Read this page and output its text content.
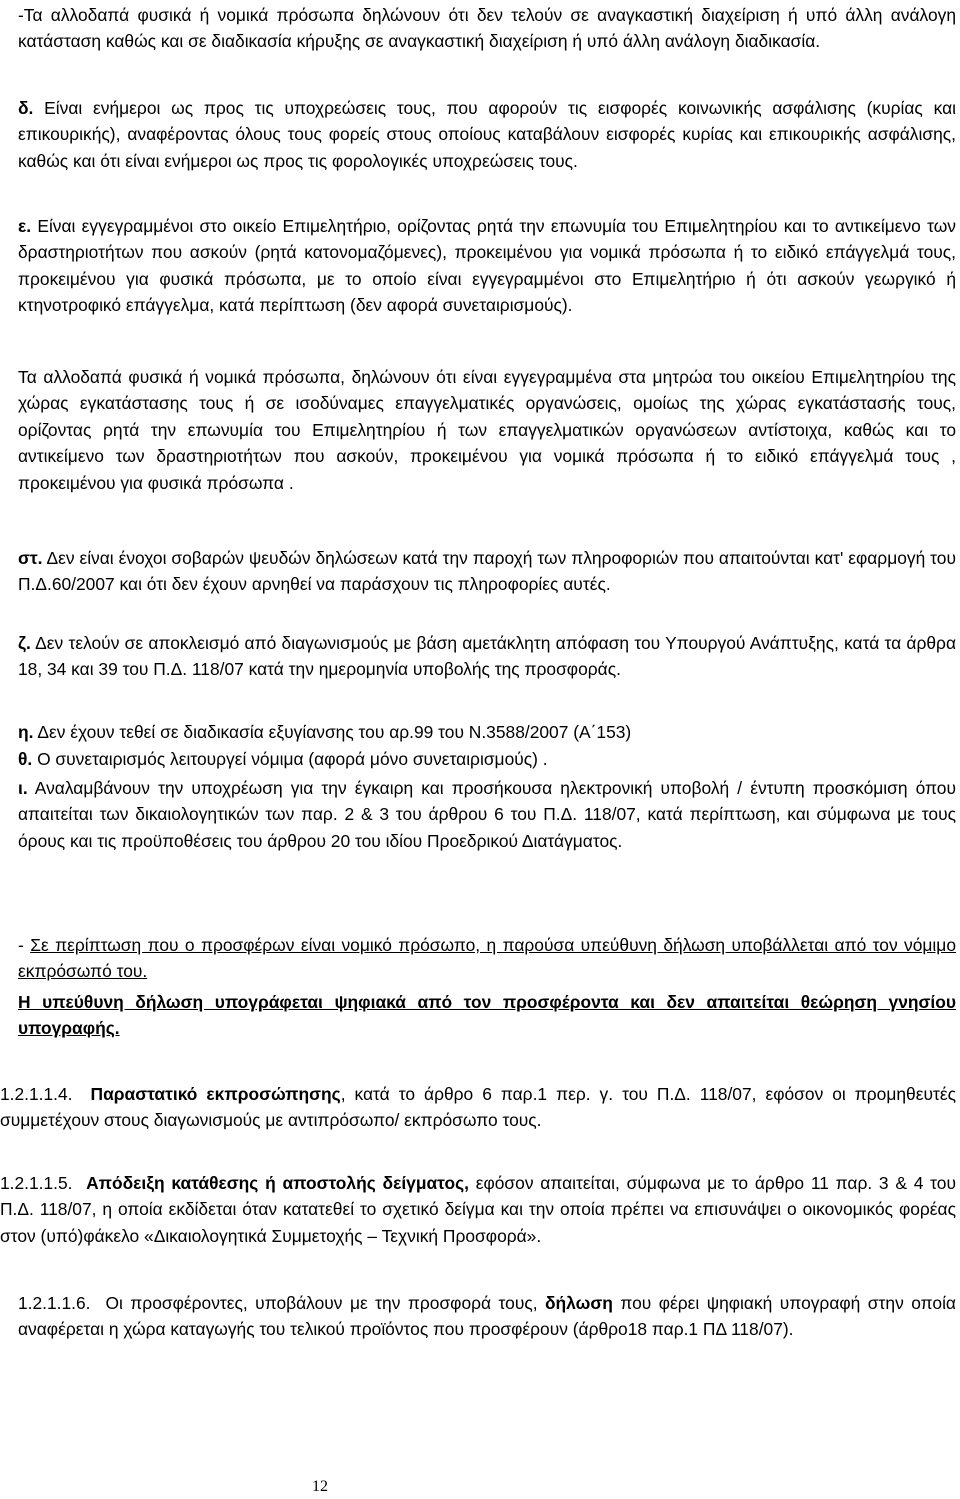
-Τα αλλοδαπά φυσικά ή νομικά πρόσωπα δηλώνουν ότι δεν τελούν σε αναγκαστική διαχείριση ή υπό άλλη ανάλογη κατάσταση καθώς και σε διαδικασία κήρυξης σε αναγκαστική διαχείριση ή υπό άλλη ανάλογη διαδικασία.

δ. Είναι ενήμεροι ως προς τις υποχρεώσεις τους, που αφορούν τις εισφορές κοινωνικής ασφάλισης (κυρίας και επικουρικής), αναφέροντας όλους τους φορείς στους οποίους καταβάλουν εισφορές κυρίας και επικουρικής ασφάλισης, καθώς και ότι είναι ενήμεροι ως προς τις φορολογικές υποχρεώσεις τους.

ε. Είναι εγγεγραμμένοι στο οικείο Επιμελητήριο, ορίζοντας ρητά την επωνυμία του Επιμελητηρίου και το αντικείμενο των δραστηριοτήτων που ασκούν (ρητά κατονομαζόμενες), προκειμένου για νομικά πρόσωπα ή το ειδικό επάγγελμά τους, προκειμένου για φυσικά πρόσωπα, με το οποίο είναι εγγεγραμμένοι στο Επιμελητήριο ή ότι ασκούν γεωργικό ή κτηνοτροφικό επάγγελμα, κατά περίπτωση (δεν αφορά συνεταιρισμούς).

Τα αλλοδαπά φυσικά ή νομικά πρόσωπα, δηλώνουν ότι είναι εγγεγραμμένα στα μητρώα του οικείου Επιμελητηρίου της χώρας εγκατάστασης τους ή σε ισοδύναμες επαγγελματικές οργανώσεις, ομοίως της χώρας εγκατάστασής τους, ορίζοντας ρητά την επωνυμία του Επιμελητηρίου ή των επαγγελματικών οργανώσεων αντίστοιχα, καθώς και το αντικείμενο των δραστηριοτήτων που ασκούν, προκειμένου για νομικά πρόσωπα ή το ειδικό επάγγελμά τους , προκειμένου για φυσικά πρόσωπα .

στ. Δεν είναι ένοχοι σοβαρών ψευδών δηλώσεων κατά την παροχή των πληροφοριών που απαιτούνται κατ' εφαρμογή του Π.Δ.60/2007 και ότι δεν έχουν αρνηθεί να παράσχουν τις πληροφορίες αυτές.

ζ. Δεν τελούν σε αποκλεισμό από διαγωνισμούς με βάση αμετάκλητη απόφαση του Υπουργού Ανάπτυξης, κατά τα άρθρα 18, 34 και 39 του Π.Δ. 118/07 κατά την ημερομηνία υποβολής της προσφοράς.

η. Δεν έχουν τεθεί σε διαδικασία εξυγίανσης του αρ.99 του Ν.3588/2007 (Α΄153)

θ. Ο συνεταιρισμός λειτουργεί νόμιμα (αφορά μόνο συνεταιρισμούς) .

ι. Αναλαμβάνουν την υποχρέωση για την έγκαιρη και προσήκουσα ηλεκτρονική υποβολή / έντυπη προσκόμιση όπου απαιτείται των δικαιολογητικών των παρ. 2 & 3 του άρθρου 6 του Π.Δ. 118/07, κατά περίπτωση, και σύμφωνα με τους όρους και τις προϋποθέσεις του άρθρου 20 του ιδίου Προεδρικού Διατάγματος.

- Σε περίπτωση που ο προσφέρων είναι νομικό πρόσωπο, η παρούσα υπεύθυνη δήλωση υποβάλλεται από τον νόμιμο εκπρόσωπό του.

Η υπεύθυνη δήλωση υπογράφεται ψηφιακά από τον προσφέροντα και δεν απαιτείται θεώρηση γνησίου υπογραφής.

1.2.1.1.4. Παραστατικό εκπροσώπησης, κατά το άρθρο 6 παρ.1 περ. γ. του Π.Δ. 118/07, εφόσον οι προμηθευτές συμμετέχουν στους διαγωνισμούς με αντιπρόσωπο/ εκπρόσωπο τους.

1.2.1.1.5. Απόδειξη κατάθεσης ή αποστολής δείγματος, εφόσον απαιτείται, σύμφωνα με το άρθρο 11 παρ. 3 & 4 του Π.Δ. 118/07, η οποία εκδίδεται όταν κατατεθεί το σχετικό δείγμα και την οποία πρέπει να επισυνάψει ο οικονομικός φορέας στον (υπό)φάκελο «Δικαιολογητικά Συμμετοχής – Τεχνική Προσφορά».

1.2.1.1.6. Οι προσφέροντες, υποβάλουν με την προσφορά τους, δήλωση που φέρει ψηφιακή υπογραφή στην οποία αναφέρεται η χώρα καταγωγής του τελικού προϊόντος που προσφέρουν (άρθρο18 παρ.1 ΠΔ 118/07).

12
